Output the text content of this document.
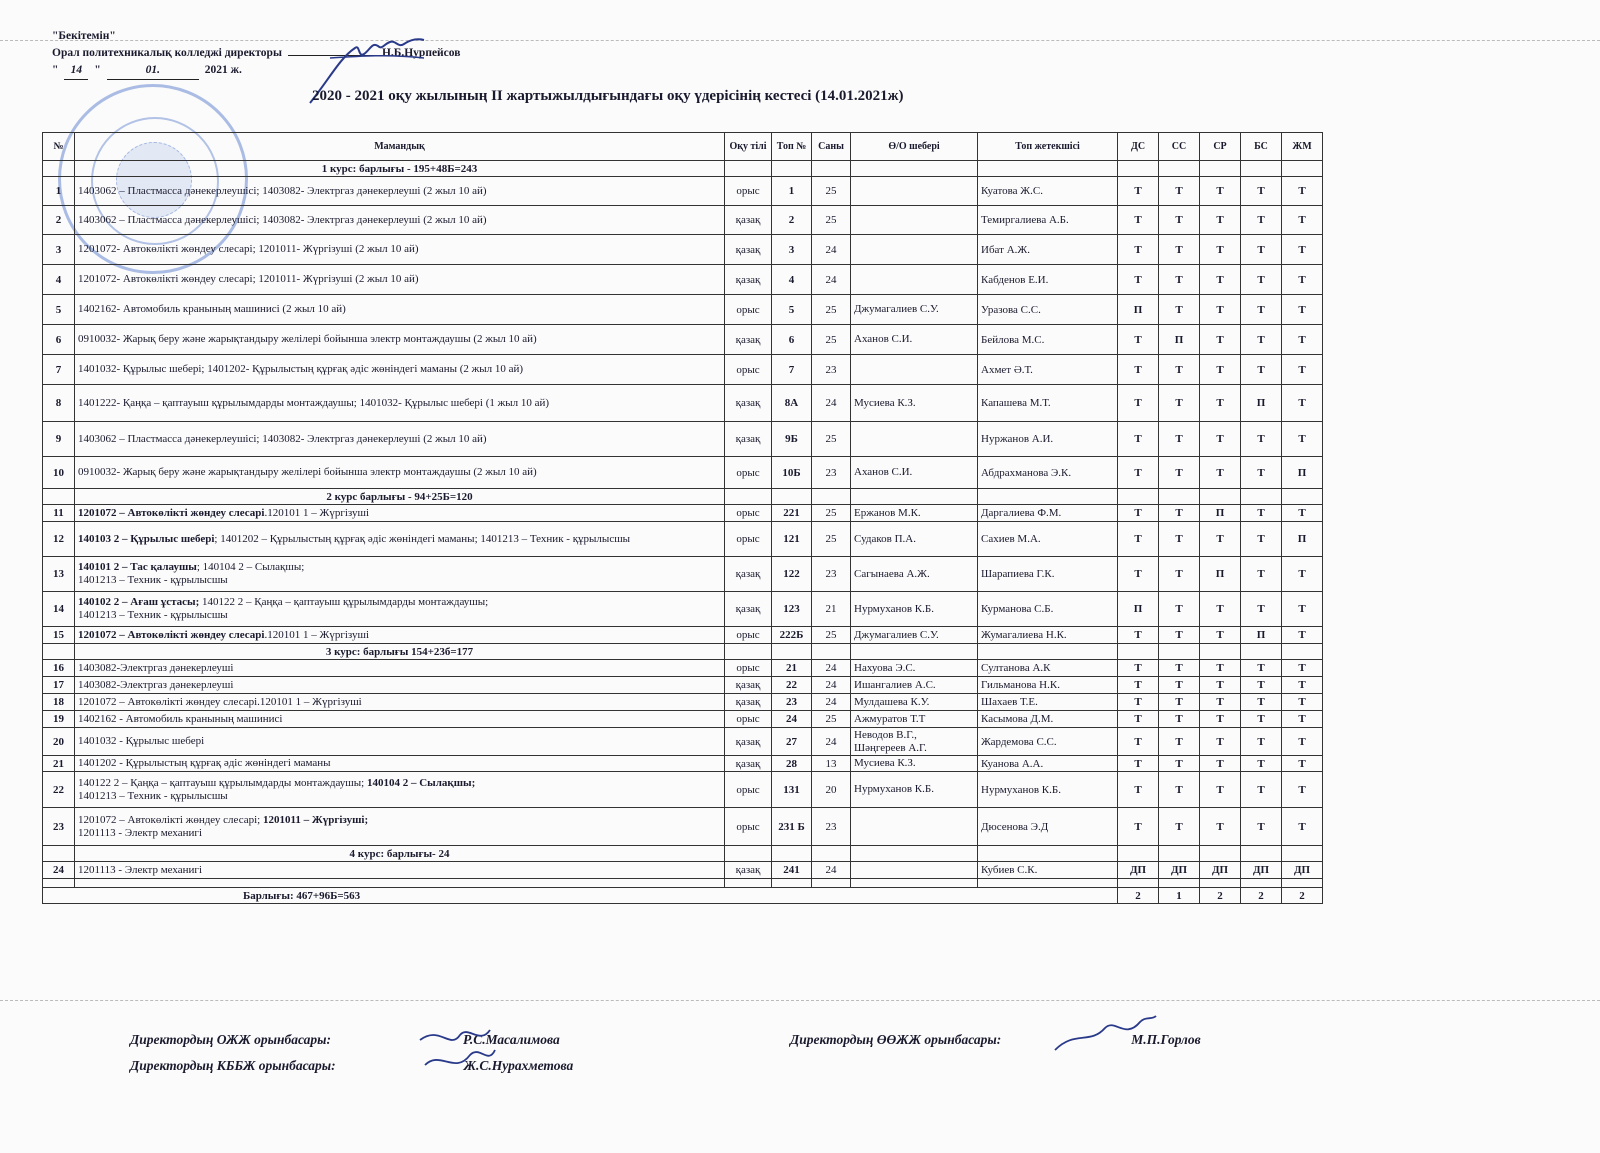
"Бекітемін"
Орал политехникалық колледжі директоры	Н.Б.Нурпейсов
"	14	"	01.	2021 ж.
2020 - 2021 оқу жылының ІІ жартыжылдығындағы оқу үдерісінің кестесі (14.01.2021ж)
№	Мамандық	Оқу тілі	Топ №	Саны	Ө/О шебері	Топ жетекшісі	ДС	СС	СР	БС	ЖМ
	1 курс: барлығы - 195+48Б=243										
1	1403062 – Пластмасса дәнекерлеушісі; 1403082- Электргаз дәнекерлеуші (2 жыл 10 ай)	орыс	1	25		Куатова Ж.С.	Т	Т	Т	Т	Т
2	1403062 – Пластмасса дәнекерлеушісі; 1403082- Электргаз дәнекерлеуші (2 жыл 10 ай)	қазақ	2	25		Темиргалиева А.Б.	Т	Т	Т	Т	Т
3	1201072- Автокөлікті жөндеу слесарі; 1201011- Жүргізуші (2 жыл 10 ай)	қазақ	3	24		Ибат А.Ж.	Т	Т	Т	Т	Т
4	1201072- Автокөлікті жөндеу слесарі; 1201011- Жүргізуші (2 жыл 10 ай)	қазақ	4	24		Кабденов Е.И.	Т	Т	Т	Т	Т
5	1402162- Автомобиль кранының машинисі (2 жыл 10 ай)	орыс	5	25	Джумагалиев С.У.	Уразова С.С.	П	Т	Т	Т	Т
6	0910032- Жарық беру және жарықтандыру желілері бойынша электр монтаждаушы (2 жыл 10 ай)	қазақ	6	25	Аханов С.И.	Бейлова М.С.	Т	П	Т	Т	Т
7	1401032- Құрылыс шебері; 1401202- Құрылыстың құрғақ әдіс жөніндегі маманы (2 жыл 10 ай)	орыс	7	23		Ахмет Ә.Т.	Т	Т	Т	Т	Т
8	1401222- Қаңқа – қаптауыш құрылымдарды монтаждаушы; 1401032- Құрылыс шебері (1 жыл 10 ай)	қазақ	8А	24	Мусиева К.З.	Капашева М.Т.	Т	Т	Т	П	Т
9	1403062 – Пластмасса дәнекерлеушісі; 1403082- Электргаз дәнекерлеуші (2 жыл 10 ай)	қазақ	9Б	25		Нуржанов А.И.	Т	Т	Т	Т	Т
10	0910032- Жарық беру және жарықтандыру желілері бойынша электр монтаждаушы (2 жыл 10 ай)	орыс	10Б	23	Аханов С.И.	Абдрахманова Э.К.	Т	Т	Т	Т	П
	2 курс барлығы - 94+25Б=120										
11	1201072 – Автокөлікті жөндеу слесарі.120101 1 – Жүргізуші	орыс	221	25	Ержанов М.К.	Даргалиева Ф.М.	Т	Т	П	Т	Т
12	140103 2 – Құрылыс шебері; 1401202 – Құрылыстың құрғақ әдіс жөніндегі маманы; 1401213 – Техник - құрылысшы	орыс	121	25	Судаков П.А.	Сахиев М.А.	Т	Т	Т	Т	П
13	140101 2 – Тас қалаушы; 140104 2 – Сылақшы;
1401213 – Техник - құрылысшы	қазақ	122	23	Сагынаева А.Ж.	Шарапиева Г.К.	Т	Т	П	Т	Т
14	140102 2 – Ағаш ұстасы; 140122 2 – Қаңқа – қаптауыш құрылымдарды монтаждаушы;
1401213 – Техник - құрылысшы	қазақ	123	21	Нурмуханов К.Б.	Курманова С.Б.	П	Т	Т	Т	Т
15	1201072 – Автокөлікті жөндеу слесарі.120101 1 – Жүргізуші	орыс	222Б	25	Джумагалиев С.У.	Жумагалиева Н.К.	Т	Т	Т	П	Т
	3 курс: барлығы 154+23б=177										
16	1403082-Электргаз дәнекерлеуші	орыс	21	24	Нахуова Э.С.	Султанова А.К	Т	Т	Т	Т	Т
17	1403082-Электргаз дәнекерлеуші	қазақ	22	24	Ишангалиев А.С.	Гильманова Н.К.	Т	Т	Т	Т	Т
18	1201072 – Автокөлікті жөндеу слесарі.120101 1 – Жүргізуші	қазақ	23	24	Мулдашева К.У.	Шахаев Т.Е.	Т	Т	Т	Т	Т
19	1402162 - Автомобиль кранының машинисі	орыс	24	25	Ажмуратов Т.Т	Касымова Д.М.	Т	Т	Т	Т	Т
20	1401032 - Құрылыс шебері	қазақ	27	24	Неводов В.Г.,
Шәңгереев А.Г.	Жардемова С.С.	Т	Т	Т	Т	Т
21	1401202 - Құрылыстың құрғақ әдіс жөніндегі маманы	қазақ	28	13	Мусиева К.З.	Куанова А.А.	Т	Т	Т	Т	Т
22	140122 2 – Қаңқа – қаптауыш құрылымдарды монтаждаушы; 140104 2 – Сылақшы;
1401213 – Техник - құрылысшы	орыс	131	20	Нурмуханов К.Б.	Нурмуханов К.Б.	Т	Т	Т	Т	Т
23	1201072 – Автокөлікті жөндеу слесарі; 1201011 – Жүргізуші;
1201113 - Электр механигі	орыс	231 Б	23		Дюсенова Э.Д	Т	Т	Т	Т	Т
	4 курс: барлығы- 24										
24	1201113 - Электр механигі	қазақ	241	24		Кубиев С.К.	ДП	ДП	ДП	ДП	ДП

Барлығы: 467+96Б=563							2	1	2	2	2
Директордың ОЖЖ орынбасары:	Р.С.Масалимова
Директордың КББЖ орынбасары:	Ж.С.Нурахметова
Директордың ӨӨЖЖ орынбасары:	М.П.Горлов
